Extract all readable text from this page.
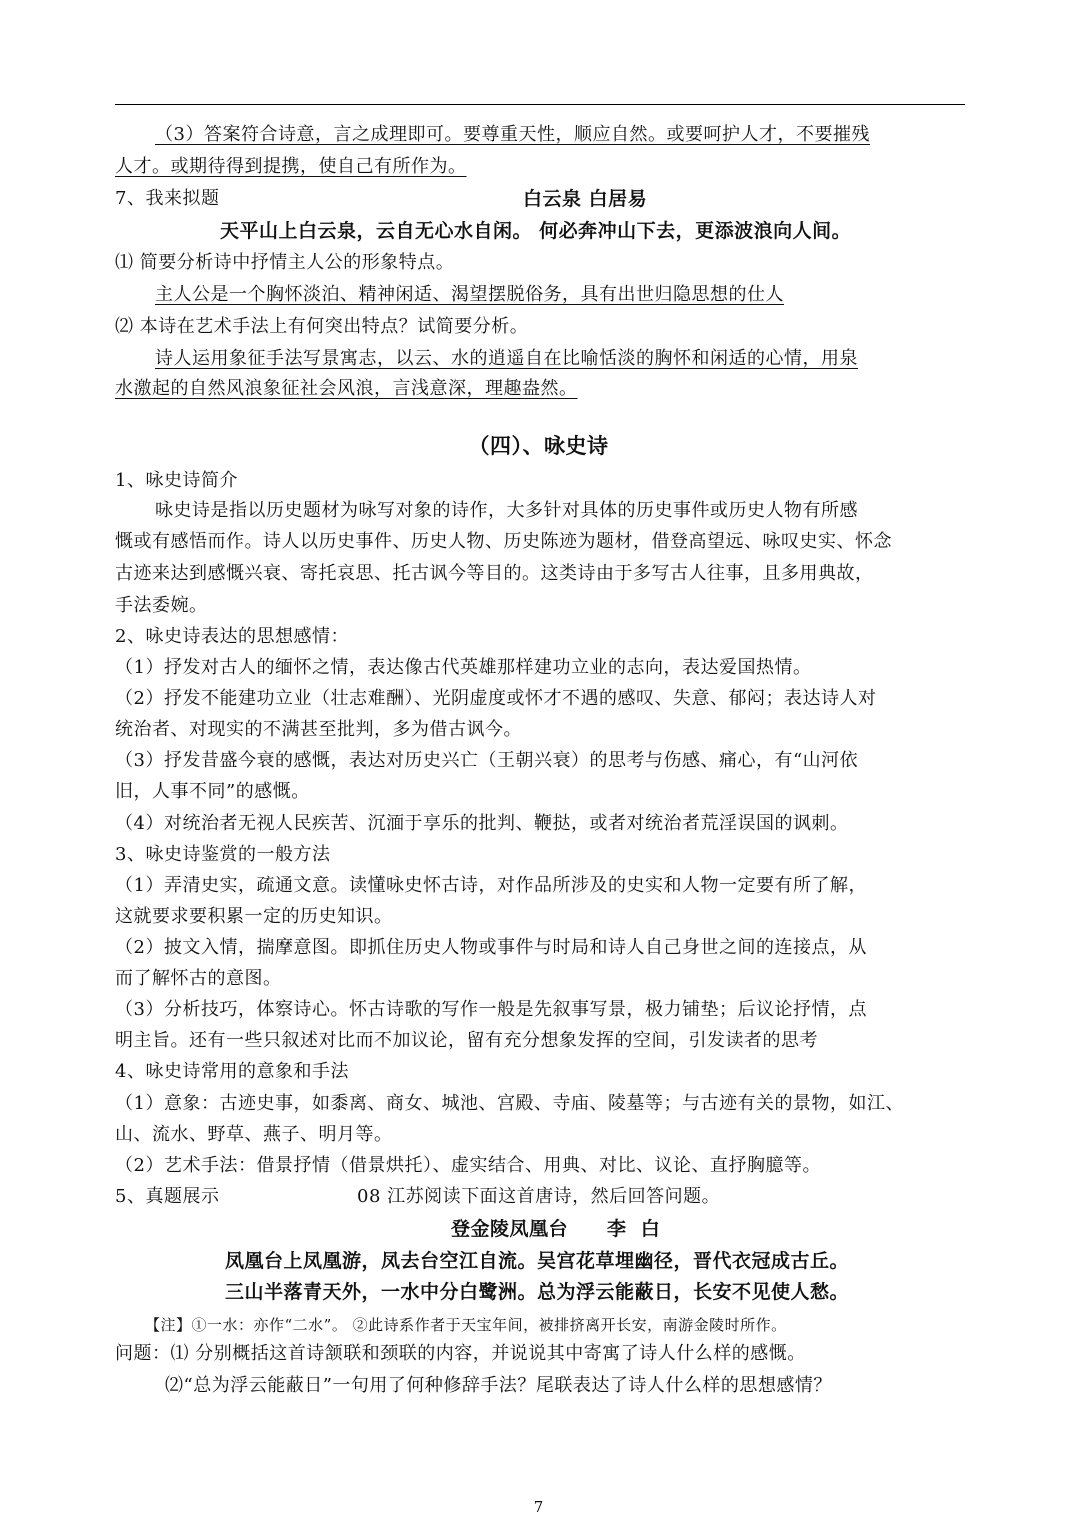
（3）答案符合诗意，言之成理即可。要尊重天性，顺应自然。或要呵护人才，不要摧残
人才。或期待得到提携，使自己有所作为。
7、我来拟题	白云泉 白居易
天平山上白云泉，云自无心水自闲。 何必奔冲山下去，更添波浪向人间。
⑴ 简要分析诗中抒情主人公的形象特点。
主人公是一个胸怀淡泊、精神闲适、渴望摆脱俗务，具有出世归隐思想的仕人
⑵ 本诗在艺术手法上有何突出特点？试简要分析。
诗人运用象征手法写景寓志，以云、水的逍遥自在比喻恬淡的胸怀和闲适的心情，用泉
水激起的自然风浪象征社会风浪，言浅意深，理趣盎然。
（四）、咏史诗
1、咏史诗简介
咏史诗是指以历史题材为咏写对象的诗作，大多针对具体的历史事件或历史人物有所感
慨或有感悟而作。诗人以历史事件、历史人物、历史陈迹为题材，借登高望远、咏叹史实、怀念
古迹来达到感慨兴衰、寄托哀思、托古讽今等目的。这类诗由于多写古人往事，且多用典故，
手法委婉。
2、咏史诗表达的思想感情：
（1）抒发对古人的缅怀之情，表达像古代英雄那样建功立业的志向，表达爱国热情。
（2）抒发不能建功立业（壮志难酬）、光阴虚度或怀才不遇的感叹、失意、郁闷；表达诗人对
统治者、对现实的不满甚至批判，多为借古讽今。
（3）抒发昔盛今衰的感慨，表达对历史兴亡（王朝兴衰）的思考与伤感、痛心，有“山河依
旧，人事不同”的感慨。
（4）对统治者无视人民疾苦、沉湎于享乐的批判、鞭挞，或者对统治者荒淫误国的讽刺。
3、咏史诗鉴赏的一般方法
（1）弄清史实，疏通文意。读懂咏史怀古诗，对作品所涉及的史实和人物一定要有所了解，
这就要求要积累一定的历史知识。
（2）披文入情，揣摩意图。即抓住历史人物或事件与时局和诗人自己身世之间的连接点，从
而了解怀古的意图。
（3）分析技巧，体察诗心。怀古诗歌的写作一般是先叙事写景，极力铺垫；后议论抒情，点
明主旨。还有一些只叙述对比而不加议论，留有充分想象发挥的空间，引发读者的思考
4、咏史诗常用的意象和手法
（1）意象：古迹史事，如黍离、商女、城池、宫殿、寺庙、陵墓等；与古迹有关的景物，如江、
山、流水、野草、燕子、明月等。
（2）艺术手法：借景抒情（借景烘托）、虚实结合、用典、对比、议论、直抒胸臆等。
5、真题展示	08 江苏阅读下面这首唐诗，然后回答问题。
登金陵凤凰台　　李  白
凤凰台上凤凰游，凤去台空江自流。吴宫花草埋幽径，晋代衣冠成古丘。
三山半落青天外，一水中分白鹭洲。总为浮云能蔽日，长安不见使人愁。
【注】①一水：亦作“二水”。 ②此诗系作者于天宝年间，被排挤离开长安，南游金陵时所作。
问题：⑴ 分别概括这首诗颔联和颈联的内容，并说说其中寄寓了诗人什么样的感慨。
⑵“总为浮云能蔽日”一句用了何种修辞手法？尾联表达了诗人什么样的思想感情？
7
